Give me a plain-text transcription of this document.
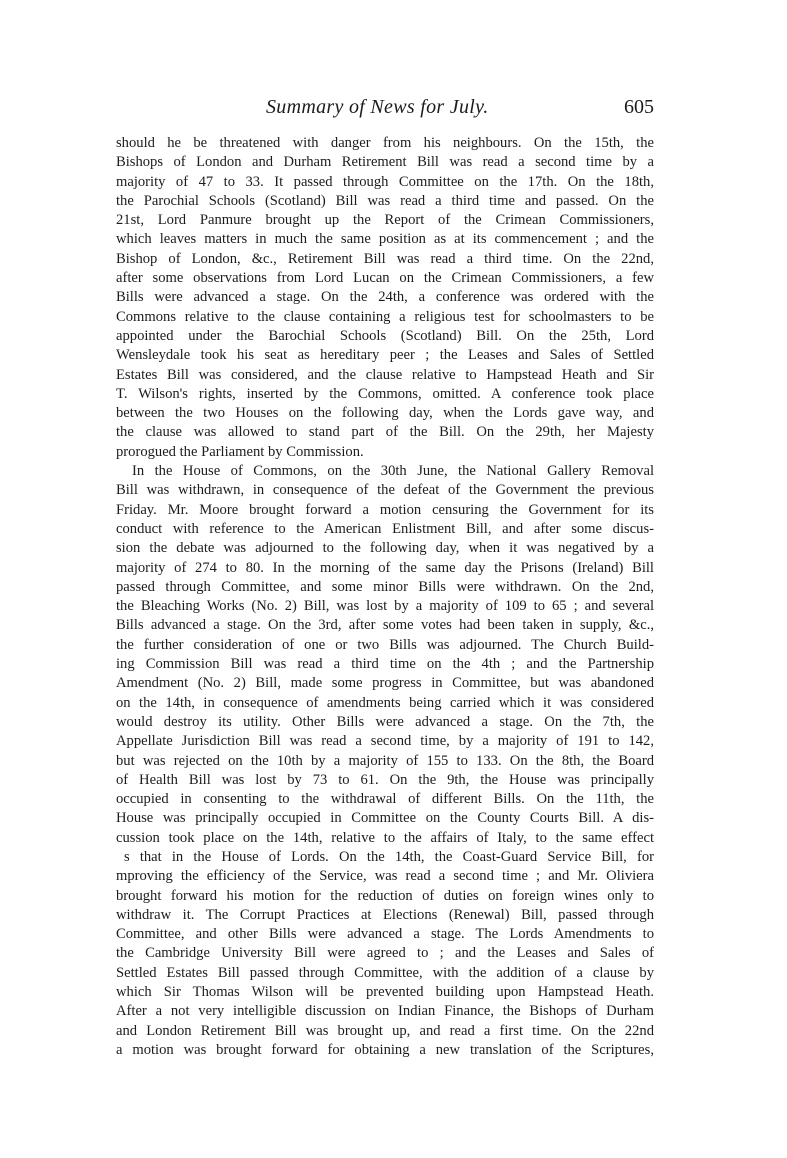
Summary of News for July.	605
should he be threatened with danger from his neighbours. On the 15th, the
Bishops of London and Durham Retirement Bill was read a second time by a
majority of 47 to 33. It passed through Committee on the 17th. On the 18th,
the Parochial Schools (Scotland) Bill was read a third time and passed. On the
21st, Lord Panmure brought up the Report of the Crimean Commissioners,
which leaves matters in much the same position as at its commencement ; and the
Bishop of London, &c., Retirement Bill was read a third time. On the 22nd,
after some observations from Lord Lucan on the Crimean Commissioners, a few
Bills were advanced a stage. On the 24th, a conference was ordered with the
Commons relative to the clause containing a religious test for schoolmasters to be
appointed under the Barochial Schools (Scotland) Bill. On the 25th, Lord
Wensleydale took his seat as hereditary peer ; the Leases and Sales of Settled
Estates Bill was considered, and the clause relative to Hampstead Heath and Sir
T. Wilson's rights, inserted by the Commons, omitted. A conference took place
between the two Houses on the following day, when the Lords gave way, and
the clause was allowed to stand part of the Bill. On the 29th, her Majesty
prorogued the Parliament by Commission.
In the House of Commons, on the 30th June, the National Gallery Removal
Bill was withdrawn, in consequence of the defeat of the Government the previous
Friday. Mr. Moore brought forward a motion censuring the Government for its
conduct with reference to the American Enlistment Bill, and after some discus-
sion the debate was adjourned to the following day, when it was negatived by a
majority of 274 to 80. In the morning of the same day the Prisons (Ireland) Bill
passed through Committee, and some minor Bills were withdrawn. On the 2nd,
the Bleaching Works (No. 2) Bill, was lost by a majority of 109 to 65 ; and several
Bills advanced a stage. On the 3rd, after some votes had been taken in supply, &c.,
the further consideration of one or two Bills was adjourned. The Church Build-
ing Commission Bill was read a third time on the 4th ; and the Partnership
Amendment (No. 2) Bill, made some progress in Committee, but was abandoned
on the 14th, in consequence of amendments being carried which it was considered
would destroy its utility. Other Bills were advanced a stage. On the 7th, the
Appellate Jurisdiction Bill was read a second time, by a majority of 191 to 142,
but was rejected on the 10th by a majority of 155 to 133. On the 8th, the Board
of Health Bill was lost by 73 to 61. On the 9th, the House was principally
occupied in consenting to the withdrawal of different Bills. On the 11th, the
House was principally occupied in Committee on the County Courts Bill. A dis-
cussion took place on the 14th, relative to the affairs of Italy, to the same effect
s that in the House of Lords. On the 14th, the Coast-Guard Service Bill, for
mproving the efficiency of the Service, was read a second time ; and Mr. Oliviera
brought forward his motion for the reduction of duties on foreign wines only to
withdraw it. The Corrupt Practices at Elections (Renewal) Bill, passed through
Committee, and other Bills were advanced a stage. The Lords Amendments to
the Cambridge University Bill were agreed to ; and the Leases and Sales of
Settled Estates Bill passed through Committee, with the addition of a clause by
which Sir Thomas Wilson will be prevented building upon Hampstead Heath.
After a not very intelligible discussion on Indian Finance, the Bishops of Durham
and London Retirement Bill was brought up, and read a first time. On the 22nd
a motion was brought forward for obtaining a new translation of the Scriptures,
